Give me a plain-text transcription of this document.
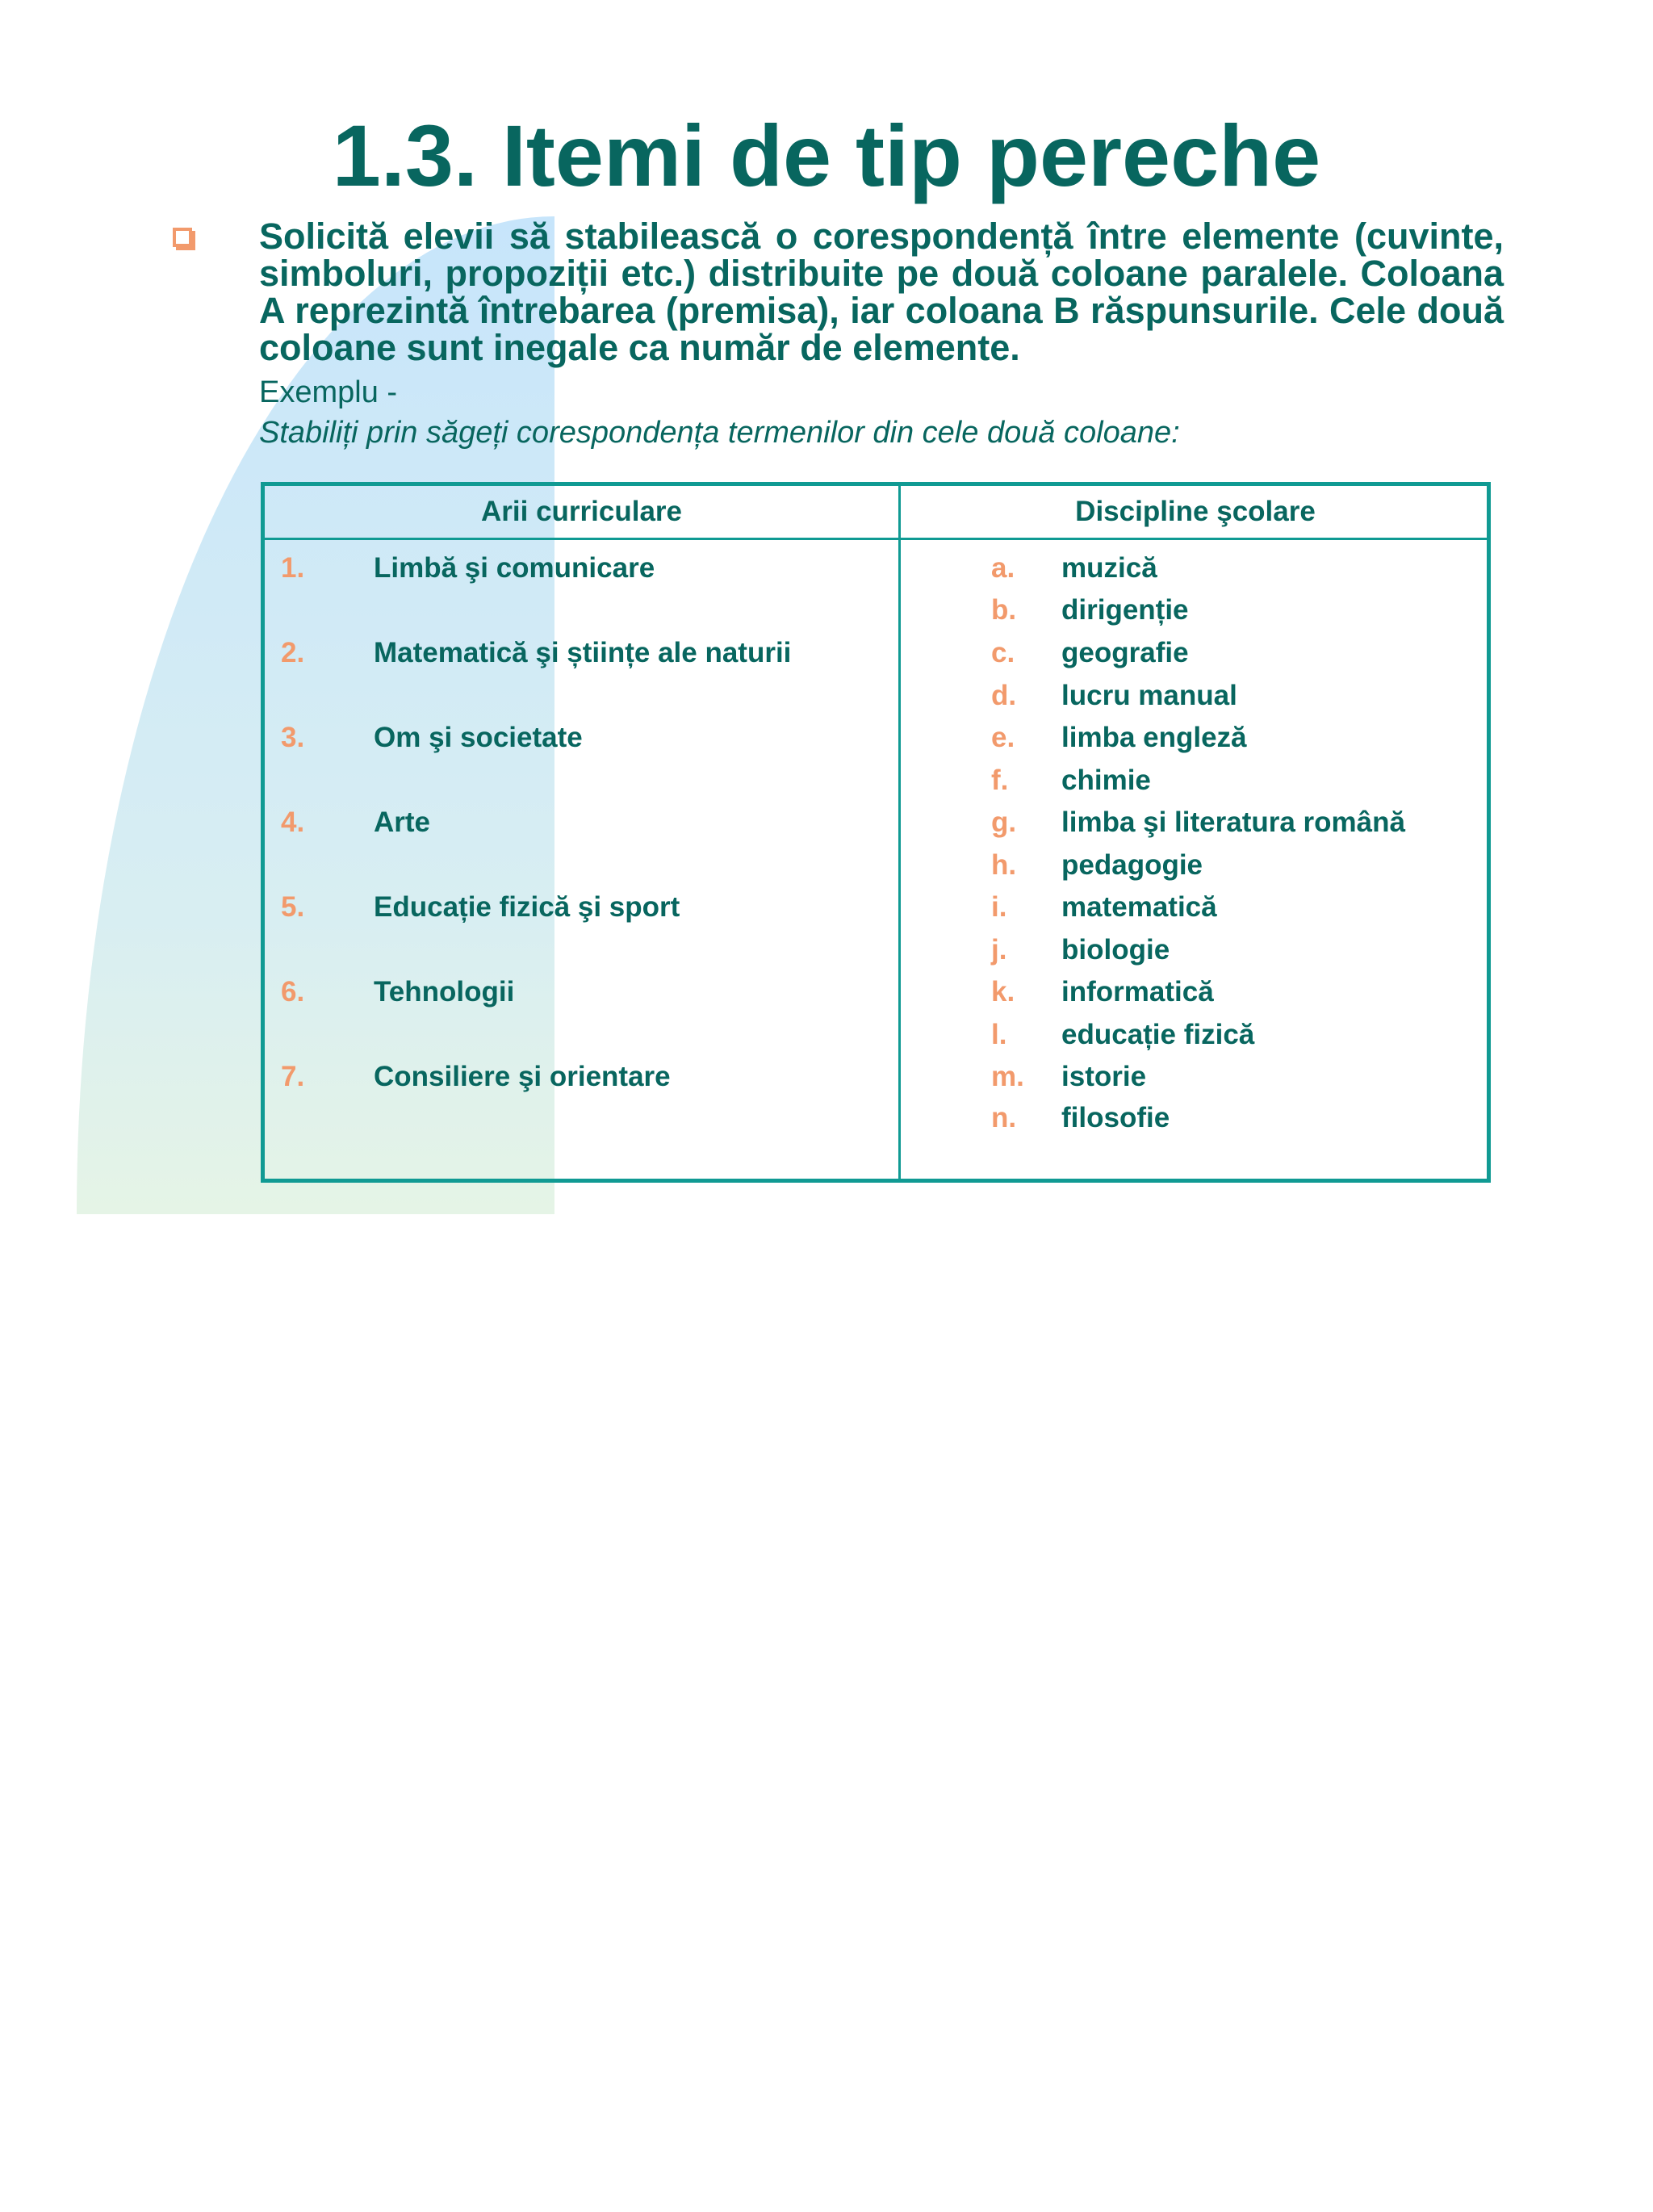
1.3. Itemi de tip pereche

Solicită elevii să stabilească o corespondență între elemente (cuvinte, simboluri, propoziții etc.) distribuite pe două coloane paralele. Coloana A reprezintă întrebarea (premisa), iar coloana B răspunsurile. Cele două coloane sunt inegale ca număr de elemente.

Exemplu -

Stabiliți prin săgeți corespondența termenilor din cele două coloane:

Arii curriculare	Discipline şcolare
1. Limbă şi comunicare
2. Matematică şi științe ale naturii
3. Om şi societate
4. Arte
5. Educație fizică şi sport
6. Tehnologii
7. Consiliere şi orientare
a. muzică
b. dirigenție
c. geografie
d. lucru manual
e. limba engleză
f. chimie
g. limba şi literatura română
h. pedagogie
i. matematică
j. biologie
k. informatică
l. educație fizică
m. istorie
n. filosofie
